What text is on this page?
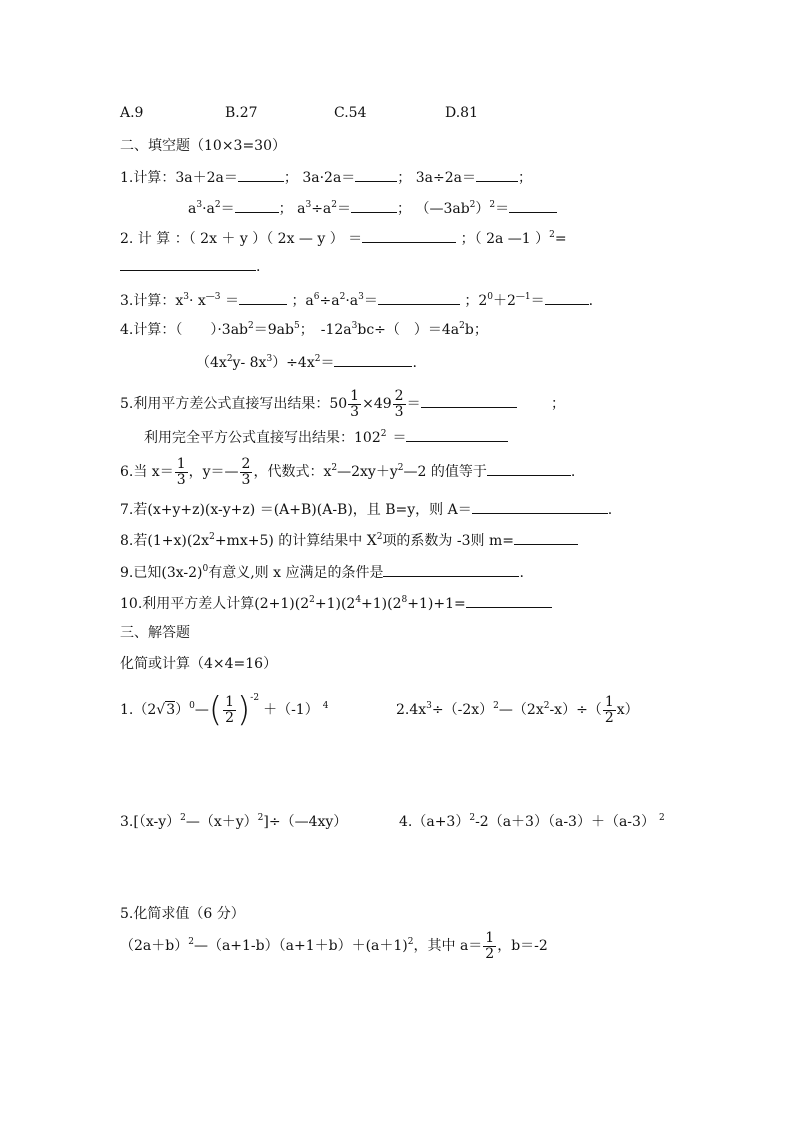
A.9	B.27	C.54	D.81
二、填空题（10×3=30）
1.计算：3a＋2a＝	； 3a·2a＝	； 3a÷2a＝	；
$a^3\cdot a^2=$	； $a^3\div a^2=$	； $(—3ab^2)^2=$
2. 计 算 ：（ 2x ＋ y ）（ 2x — y ） ＝	；（ 2a —1 ）$^2$=
.
3.计算：$x^3\cdot x^{—3}$ ＝	；$a^6\div a^2\cdot a^3=$	；$2^0+2^{—1}=$	.
4.计算：（　　）$\cdot 3ab^2=9ab^5$；　$-12a^3bc\div$（　）$=4a^2b$；
（$4x^2y-$ $8x^3)\div 4x^2=$	.
5.利用平方差公式直接写出结果：$50 \frac{1}{3} \times 49 \frac{2}{3}$ ＝	；
利用完全平方公式直接写出结果：$102^2$ ＝
6.当 $x= \frac{1}{3}$ ，y＝— $\frac{2}{3}$ ，代数式：$x^2—2xy+y^2—2$ 的值等于	.
7.若(x+y+z)(x-y+z) ＝(A+B)(A-B)，且 B=y，则 A＝	.
8.若$(1+x)(2x^2+mx+5)$ 的计算结果中 $X^2$项的系数为 -3则 m=
9.已知$(3x-2)^0$有意义,则 x 应满足的条件是	.
10.利用平方差人计算$(2+1)(2^2+1)(2^4+1)(2^8+1)+1=$
三、解答题
化简或计算（4×4=16）
$1.(2√3)^0—( \frac{1}{2} )^{-2}+(-1)$ $^4$	$2.4x^3\div(-2x)^2—(2x^2-x)\div( \frac{1}{2} x)$
$3.[(x-y)^2—(x+y)^2]\div(—4xy)$	$4.(a+3)^2-2(a+3)(a-3)+(a-3)$ $^2$
5.化简求值（6 分）
$(2a+b)^2—(a+1-b)(a+1+b)+(a+1)^2$，其中 $a= \frac{1}{2}$ ，b＝-2
